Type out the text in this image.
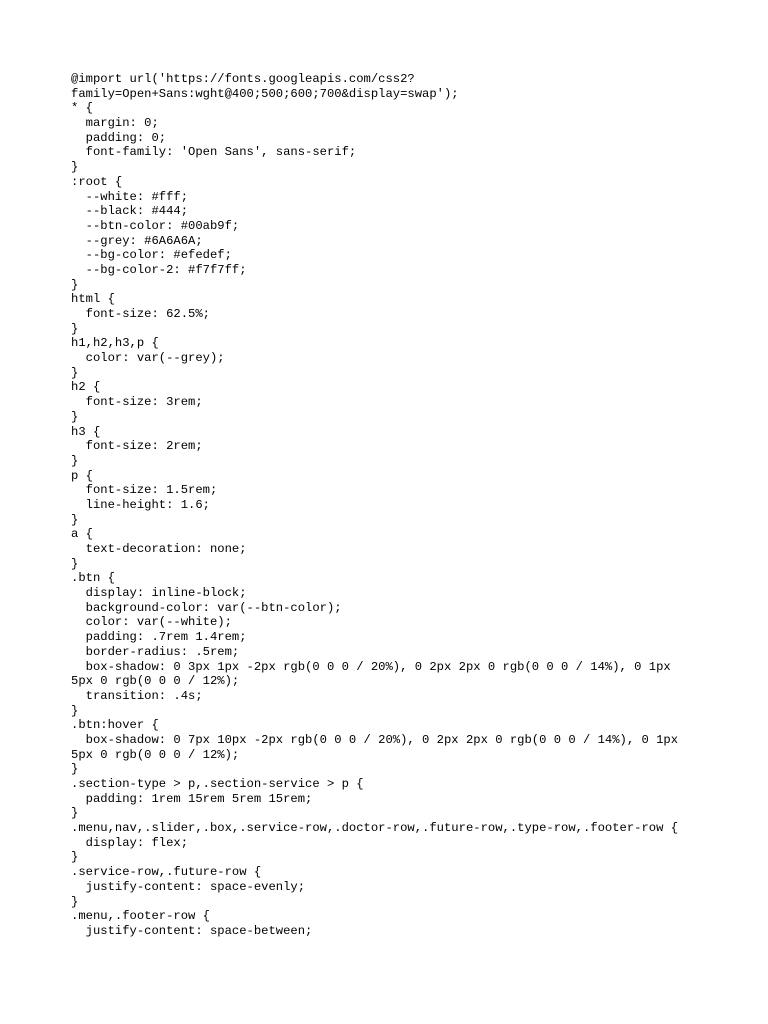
@import url('https://fonts.googleapis.com/css2?
family=Open+Sans:wght@400;500;600;700&display=swap');
* {
margin: 0;
padding: 0;
font-family: 'Open Sans', sans-serif;
}
:root {
--white: #fff;
--black: #444;
--btn-color: #00ab9f;
--grey: #6A6A6A;
--bg-color: #efedef;
--bg-color-2: #f7f7ff;
}
html {
font-size: 62.5%;
}
h1,h2,h3,p {
color: var(--grey);
}
h2 {
font-size: 3rem;
}
h3 {
font-size: 2rem;
}
p {
font-size: 1.5rem;
line-height: 1.6;
}
a {
text-decoration: none;
}
.btn {
display: inline-block;
background-color: var(--btn-color);
color: var(--white);
padding: .7rem 1.4rem;
border-radius: .5rem;
box-shadow: 0 3px 1px -2px rgb(0 0 0 / 20%), 0 2px 2px 0 rgb(0 0 0 / 14%), 0 1px
5px 0 rgb(0 0 0 / 12%);
transition: .4s;
}
.btn:hover {
box-shadow: 0 7px 10px -2px rgb(0 0 0 / 20%), 0 2px 2px 0 rgb(0 0 0 / 14%), 0 1px
5px 0 rgb(0 0 0 / 12%);
}
.section-type > p,.section-service > p {
padding: 1rem 15rem 5rem 15rem;
}
.menu,nav,.slider,.box,.service-row,.doctor-row,.future-row,.type-row,.footer-row {
display: flex;
}
.service-row,.future-row {
justify-content: space-evenly;
}
.menu,.footer-row {
justify-content: space-between;
